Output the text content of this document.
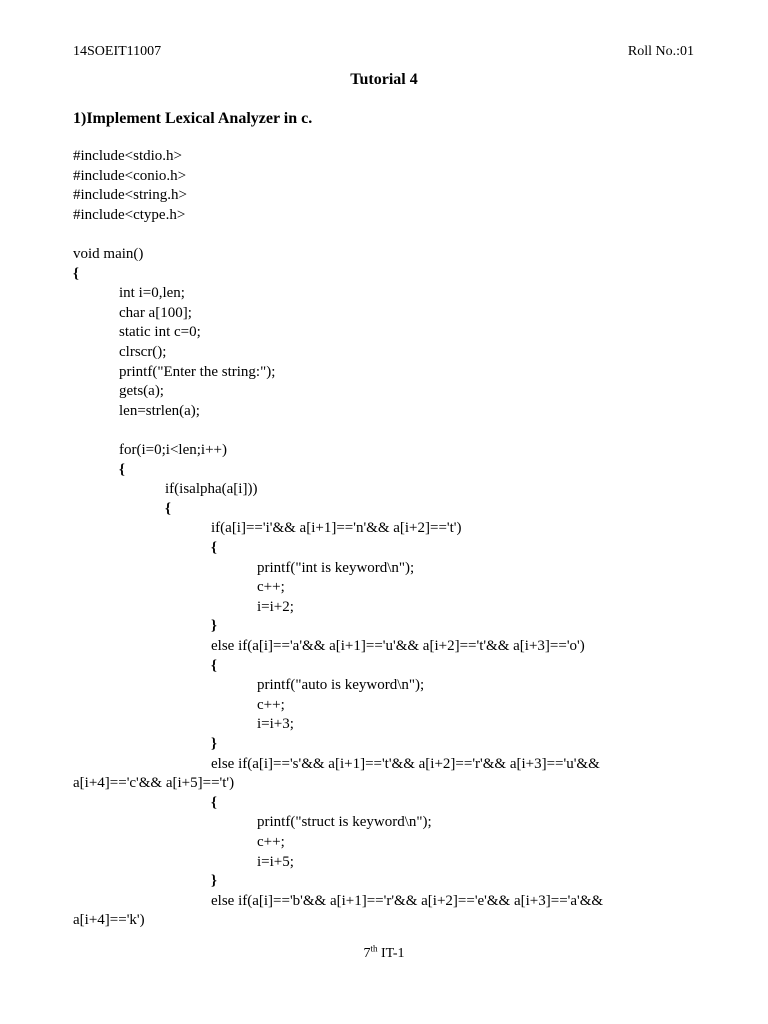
14SOEIT11007	Roll No.:01
Tutorial 4
1)Implement Lexical Analyzer in c.
#include<stdio.h>
#include<conio.h>
#include<string.h>
#include<ctype.h>
void main()
{
int i=0,len;
char a[100];
static int c=0;
clrscr();
printf("Enter the string:");
gets(a);
len=strlen(a);
for(i=0;i<len;i++)
{
if(isalpha(a[i]))
{
if(a[i]=='i'&& a[i+1]=='n'&& a[i+2]=='t')
{
printf("int is keyword\n");
c++;
i=i+2;
}
else if(a[i]=='a'&& a[i+1]=='u'&& a[i+2]=='t'&& a[i+3]=='o')
{
printf("auto is keyword\n");
c++;
i=i+3;
}
else if(a[i]=='s'&& a[i+1]=='t'&& a[i+2]=='r'&& a[i+3]=='u'&&
a[i+4]=='c'&& a[i+5]=='t')
{
printf("struct is keyword\n");
c++;
i=i+5;
}
else if(a[i]=='b'&& a[i+1]=='r'&& a[i+2]=='e'&& a[i+3]=='a'&&
a[i+4]=='k')
7th IT-1
